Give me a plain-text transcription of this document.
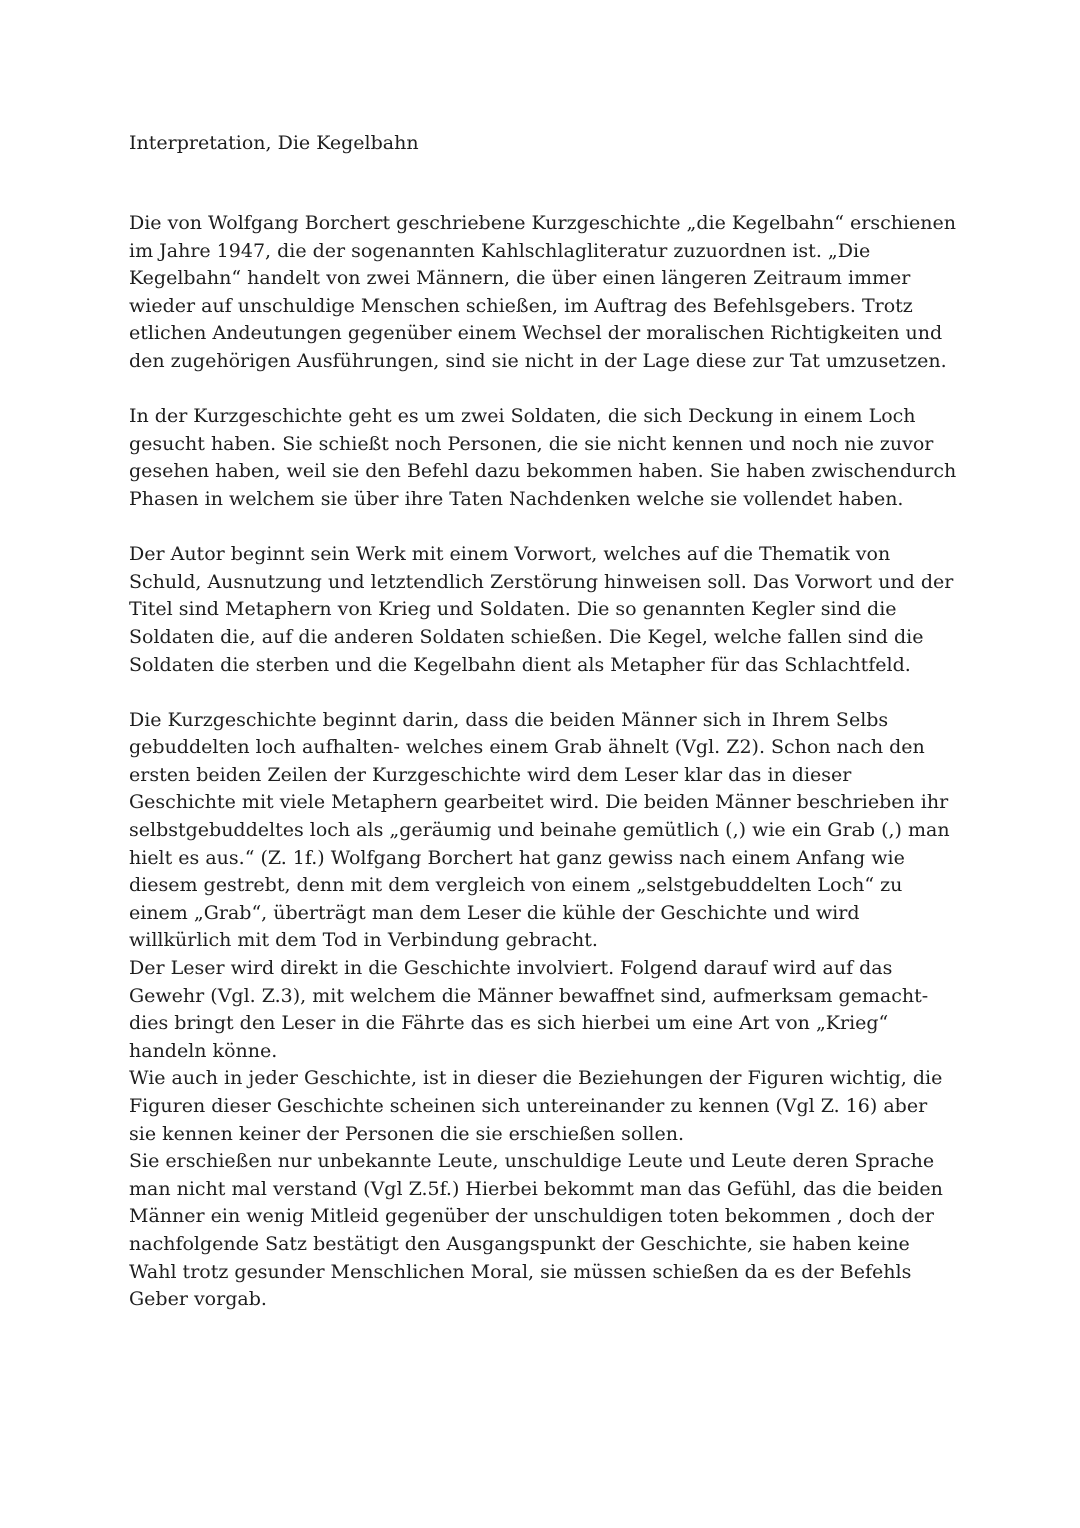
Interpretation, Die Kegelbahn

Die von Wolfgang Borchert geschriebene Kurzgeschichte „die Kegelbahn“ erschienen im Jahre 1947, die der sogenannten Kahlschlagliteratur zuzuordnen ist. „Die Kegelbahn“ handelt von zwei Männern, die über einen längeren Zeitraum immer wieder auf unschuldige Menschen schießen, im Auftrag des Befehlsgebers. Trotz etlichen Andeutungen gegenüber einem Wechsel der moralischen Richtigkeiten und den zugehörigen Ausführungen, sind sie nicht in der Lage diese zur Tat umzusetzen.

In der Kurzgeschichte geht es um zwei Soldaten, die sich Deckung in einem Loch gesucht haben. Sie schießt noch Personen, die sie nicht kennen und noch nie zuvor gesehen haben, weil sie den Befehl dazu bekommen haben. Sie haben zwischendurch Phasen in welchem sie über ihre Taten Nachdenken welche sie vollendet haben.

Der Autor beginnt sein Werk mit einem Vorwort, welches auf die Thematik von Schuld, Ausnutzung und letztendlich Zerstörung hinweisen soll. Das Vorwort und der Titel sind Metaphern von Krieg und Soldaten. Die so genannten Kegler sind die Soldaten die, auf die anderen Soldaten schießen. Die Kegel, welche fallen sind die Soldaten die sterben und die Kegelbahn dient als Metapher für das Schlachtfeld.

Die Kurzgeschichte beginnt darin, dass die beiden Männer sich in Ihrem Selbs gebuddelten loch aufhalten- welches einem Grab ähnelt (Vgl. Z2). Schon nach den ersten beiden Zeilen der Kurzgeschichte wird dem Leser klar das in dieser Geschichte mit viele Metaphern gearbeitet wird. Die beiden Männer beschrieben ihr selbstgebuddeltes loch als „geräumig und beinahe gemütlich (,) wie ein Grab (,) man hielt es aus.“ (Z. 1f.) Wolfgang Borchert hat ganz gewiss nach einem Anfang wie diesem gestrebt, denn mit dem vergleich von einem „selstgebuddelten Loch“ zu einem „Grab“, überträgt man dem Leser die kühle der Geschichte und wird willkürlich mit dem Tod in Verbindung gebracht.

Der Leser wird direkt in die Geschichte involviert. Folgend darauf wird auf das Gewehr (Vgl. Z.3), mit welchem die Männer bewaffnet sind, aufmerksam gemacht- dies bringt den Leser in die Fährte das es sich hierbei um eine Art von „Krieg“ handeln könne.

Wie auch in jeder Geschichte, ist in dieser die Beziehungen der Figuren wichtig, die Figuren dieser Geschichte scheinen sich untereinander zu kennen (Vgl Z. 16) aber sie kennen keiner der Personen die sie erschießen sollen.

Sie erschießen nur unbekannte Leute, unschuldige Leute und Leute deren Sprache man nicht mal verstand (Vgl Z.5f.) Hierbei bekommt man das Gefühl, das die beiden Männer ein wenig Mitleid gegenüber der unschuldigen toten bekommen , doch der nachfolgende Satz bestätigt den Ausgangspunkt der Geschichte, sie haben keine Wahl trotz gesunder Menschlichen Moral, sie müssen schießen da es der Befehls Geber vorgab.
